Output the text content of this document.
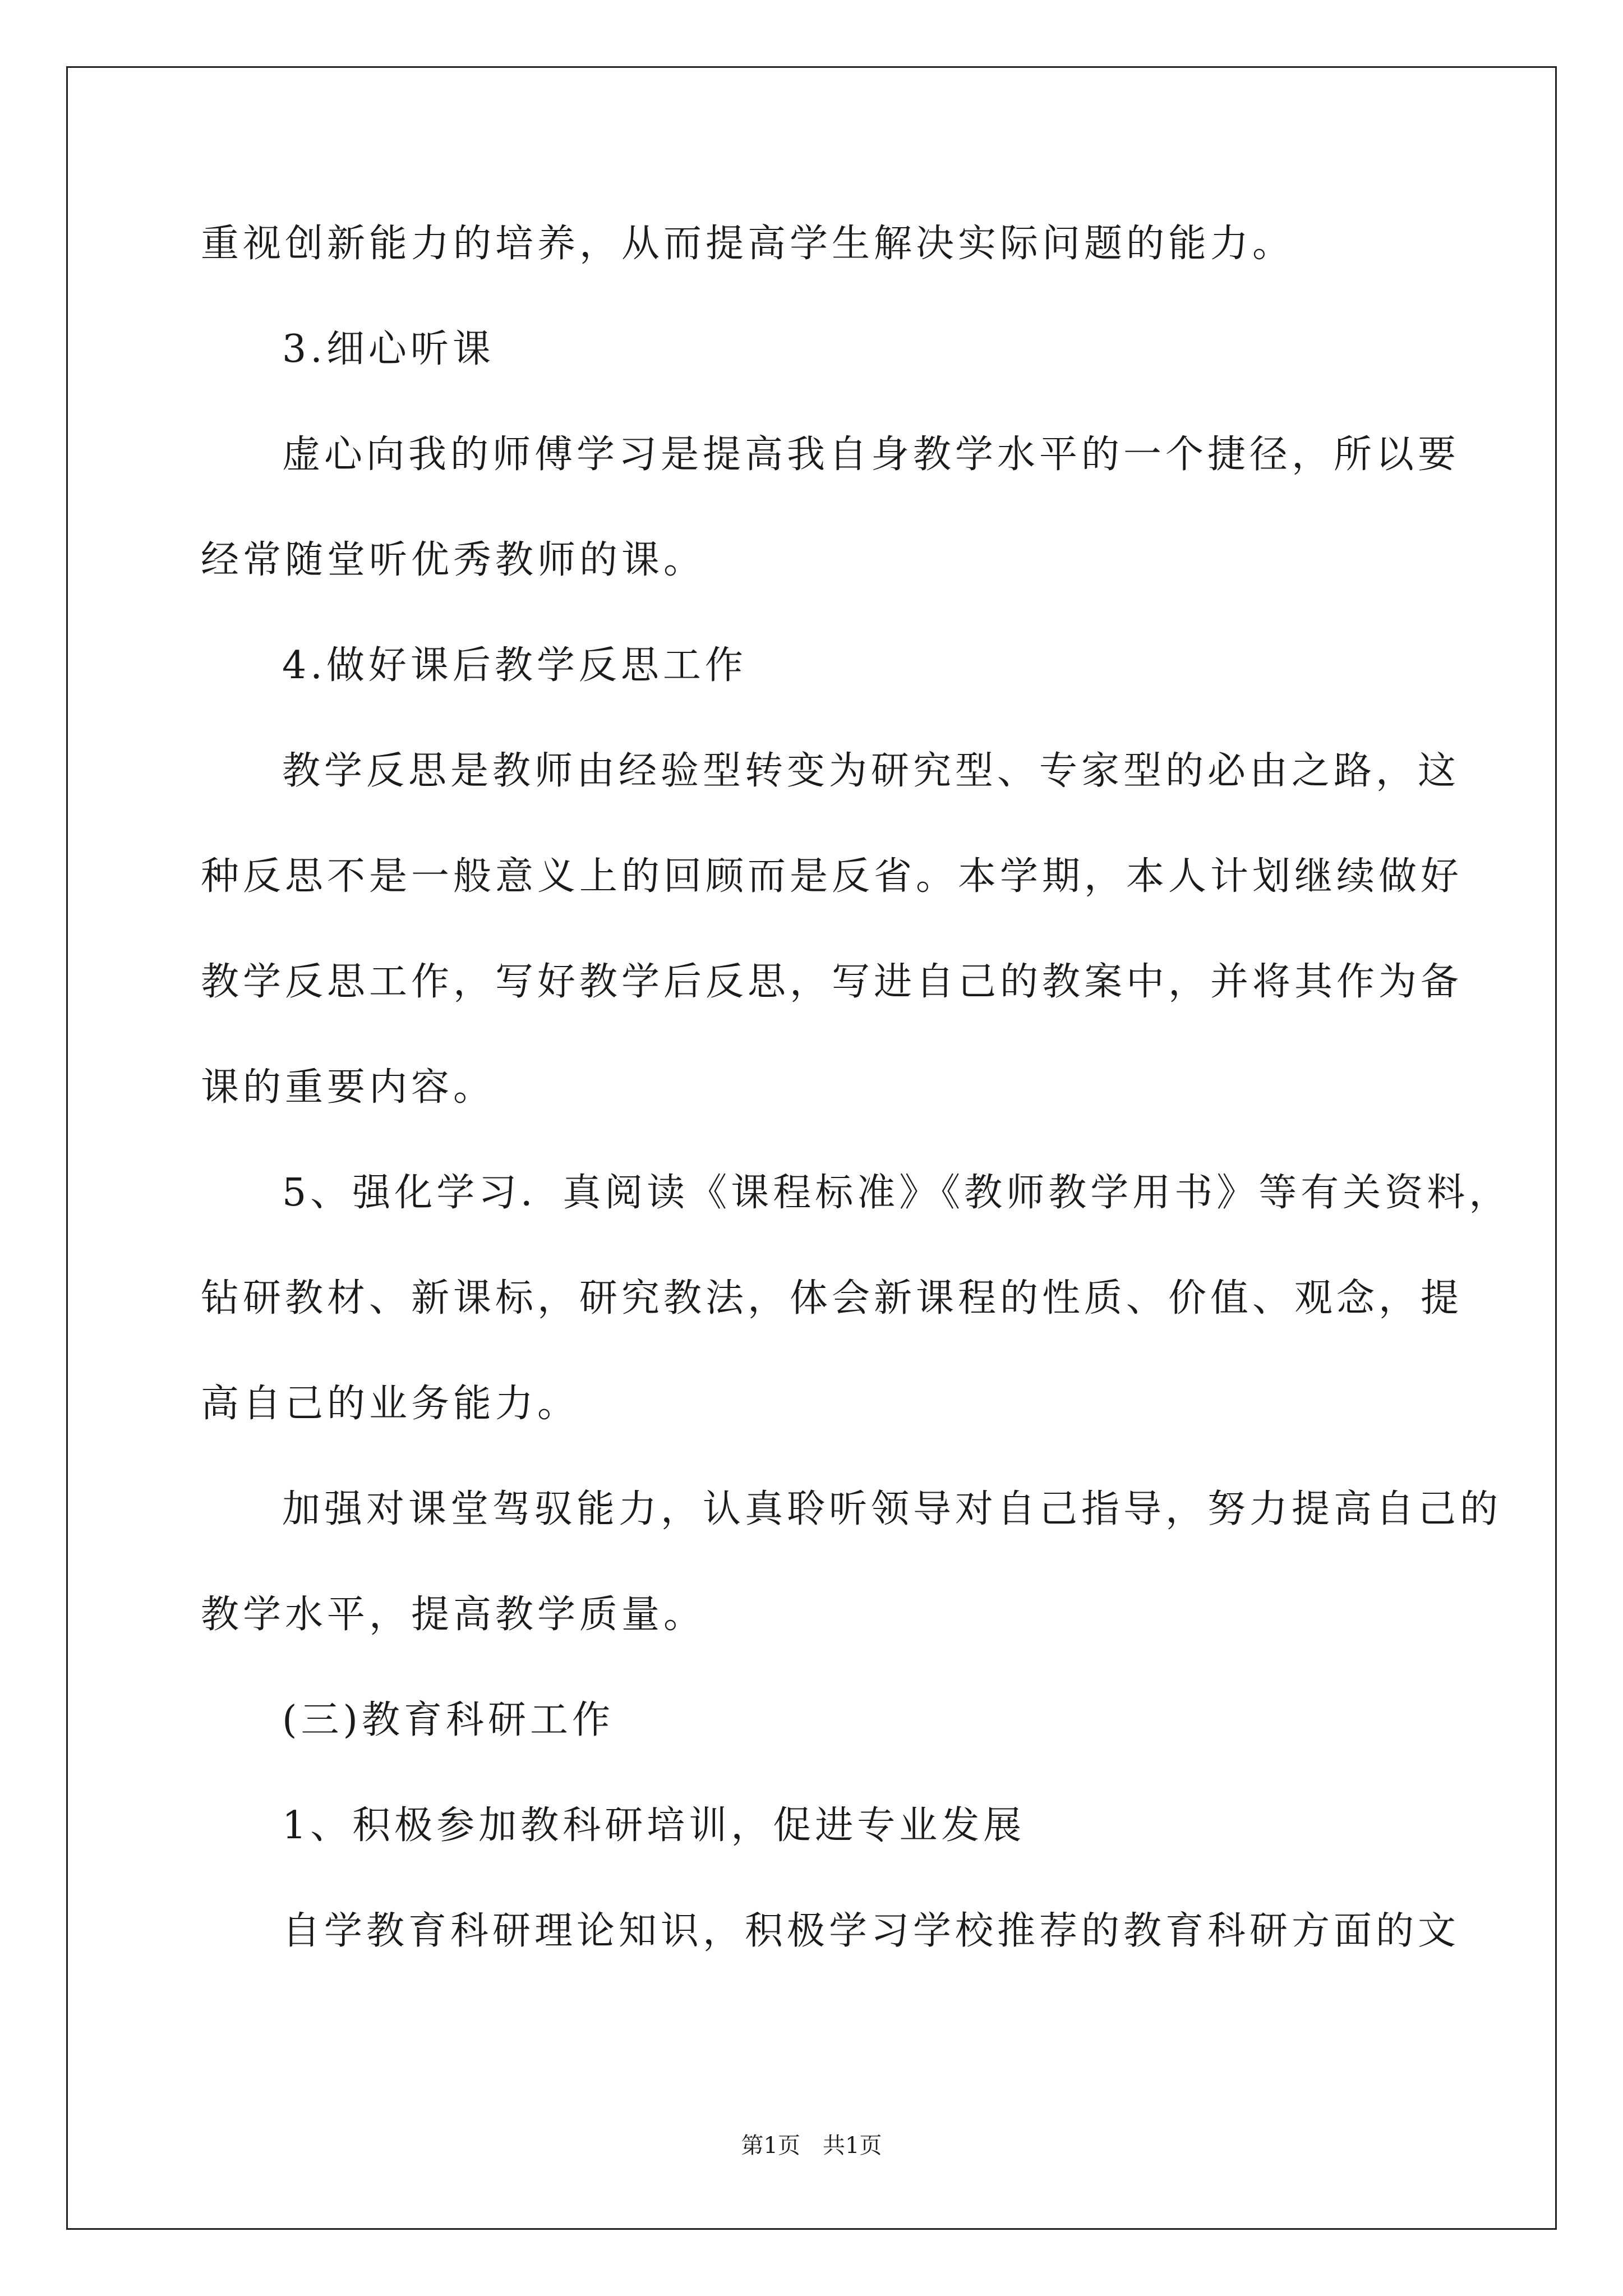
重视创新能力的培养，从而提高学生解决实际问题的能力。
3.细心听课
虚心向我的师傅学习是提高我自身教学水平的一个捷径，所以要
经常随堂听优秀教师的课。
4.做好课后教学反思工作
教学反思是教师由经验型转变为研究型、专家型的必由之路，这
种反思不是一般意义上的回顾而是反省。本学期，本人计划继续做好
教学反思工作，写好教学后反思，写进自己的教案中，并将其作为备
课的重要内容。
5、强化学习．真阅读《课程标准》《教师教学用书》等有关资料，
钻研教材、新课标，研究教法，体会新课程的性质、价值、观念，提
高自己的业务能力。
加强对课堂驾驭能力，认真聆听领导对自己指导，努力提高自己的
教学水平，提高教学质量。
(三)教育科研工作
1、积极参加教科研培训，促进专业发展
自学教育科研理论知识，积极学习学校推荐的教育科研方面的文
第1页　共1页
